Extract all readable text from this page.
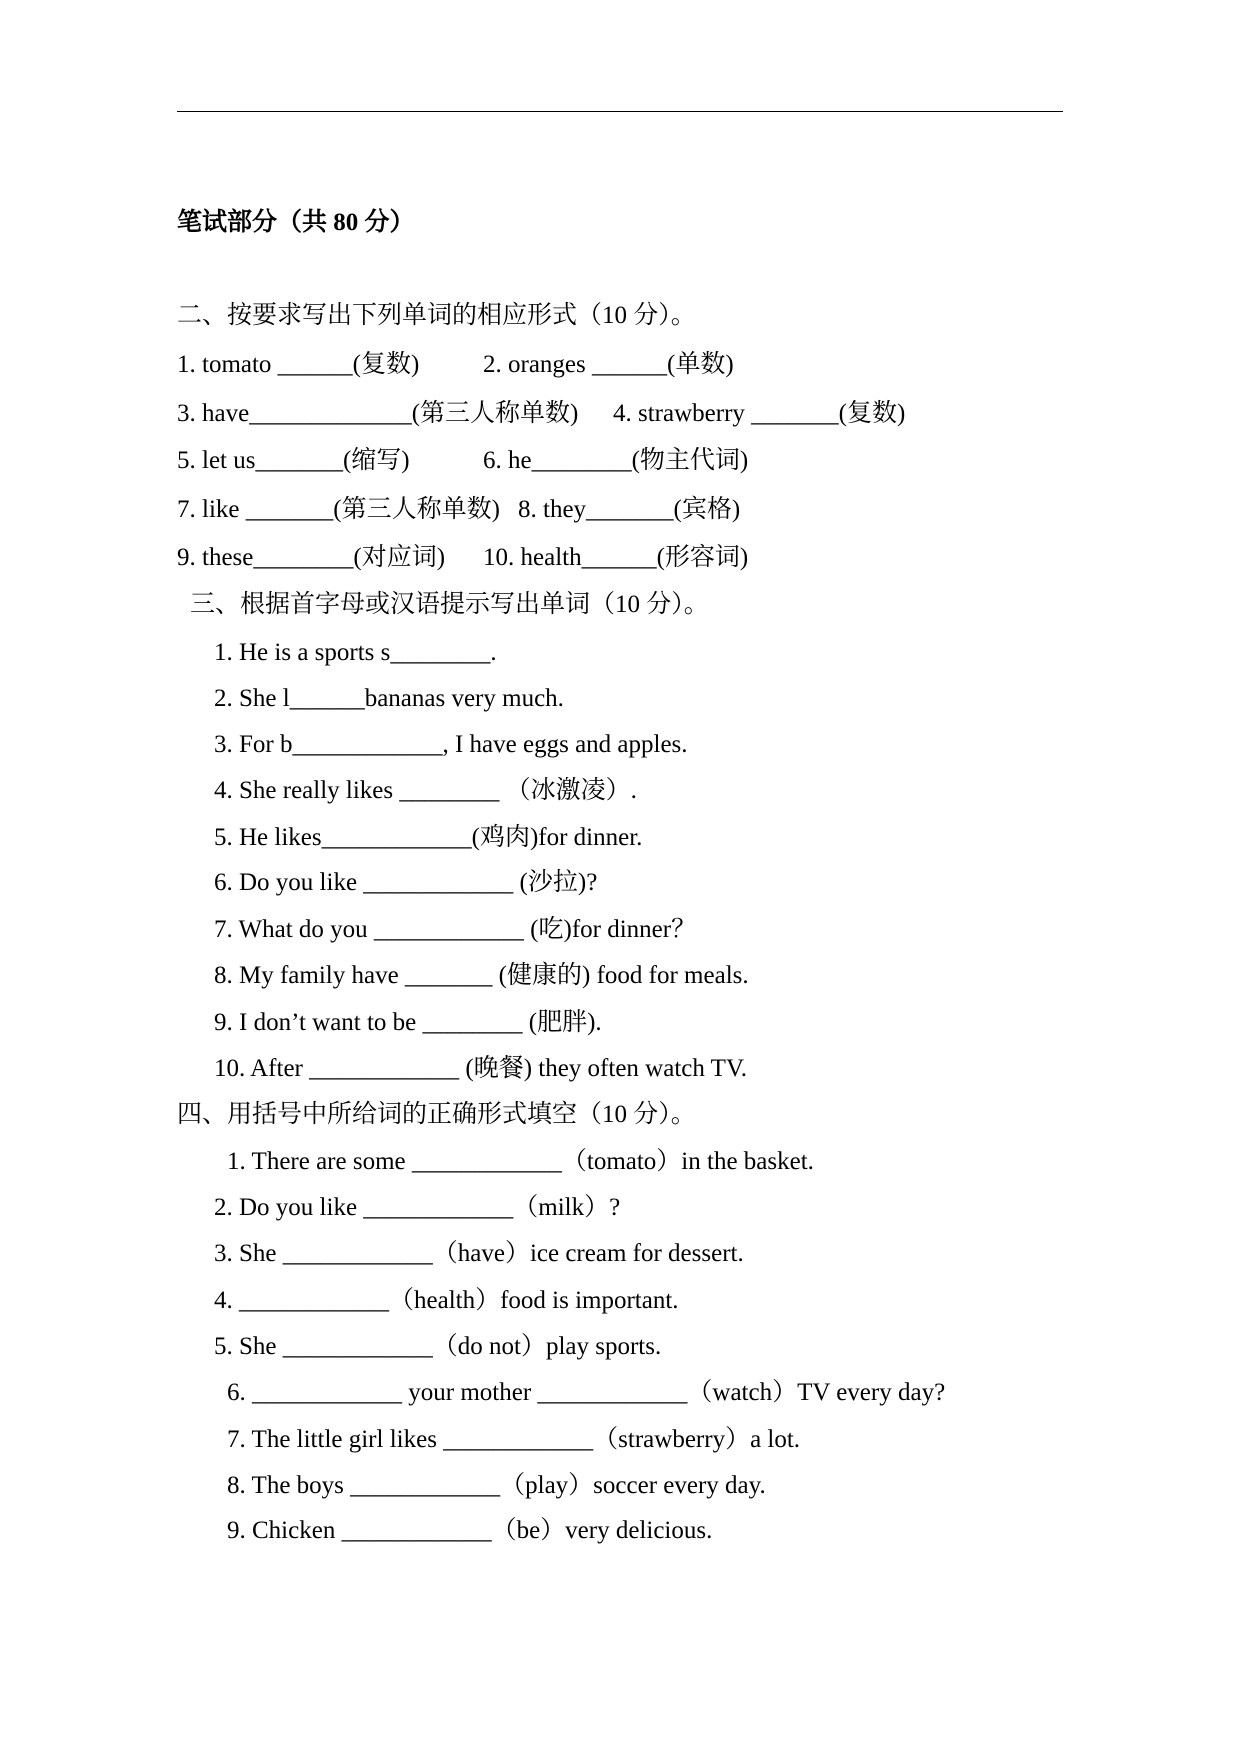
笔试部分（共 80 分）
二、按要求写出下列单词的相应形式（10 分）。
1. tomato ______(复数)	2. oranges ______(单数)
3. have_____________(第三人称单数) 4. strawberry _______(复数)
5. let us_______(缩写)	6. he________(物主代词)
7. like _______(第三人称单数) 8. they_______(宾格)
9. these________(对应词) 10. health______(形容词)
三、根据首字母或汉语提示写出单词（10 分）。
1. He is a sports s________.
2. She l______bananas very much.
3. For b____________, I have eggs and apples.
4. She really likes ________ （冰激凌）.
5. He likes____________(鸡肉)for dinner.
6. Do you like ____________ (沙拉)?
7. What do you ____________ (吃)for dinner？
8. My family have _______ (健康的) food for meals.
9. I don’t want to be ________ (肥胖).
10. After ____________ (晚餐) they often watch TV.
四、用括号中所给词的正确形式填空（10 分）。
1. There are some ____________（tomato）in the basket.
2. Do you like ____________（milk）?
3. She ____________（have）ice cream for dessert.
4. ____________（health）food is important.
5. She ____________（do not）play sports.
6. ____________ your mother ____________（watch）TV every day?
7. The little girl likes ____________（strawberry）a lot.
8. The boys ____________（play）soccer every day.
9. Chicken ____________（be）very delicious.
